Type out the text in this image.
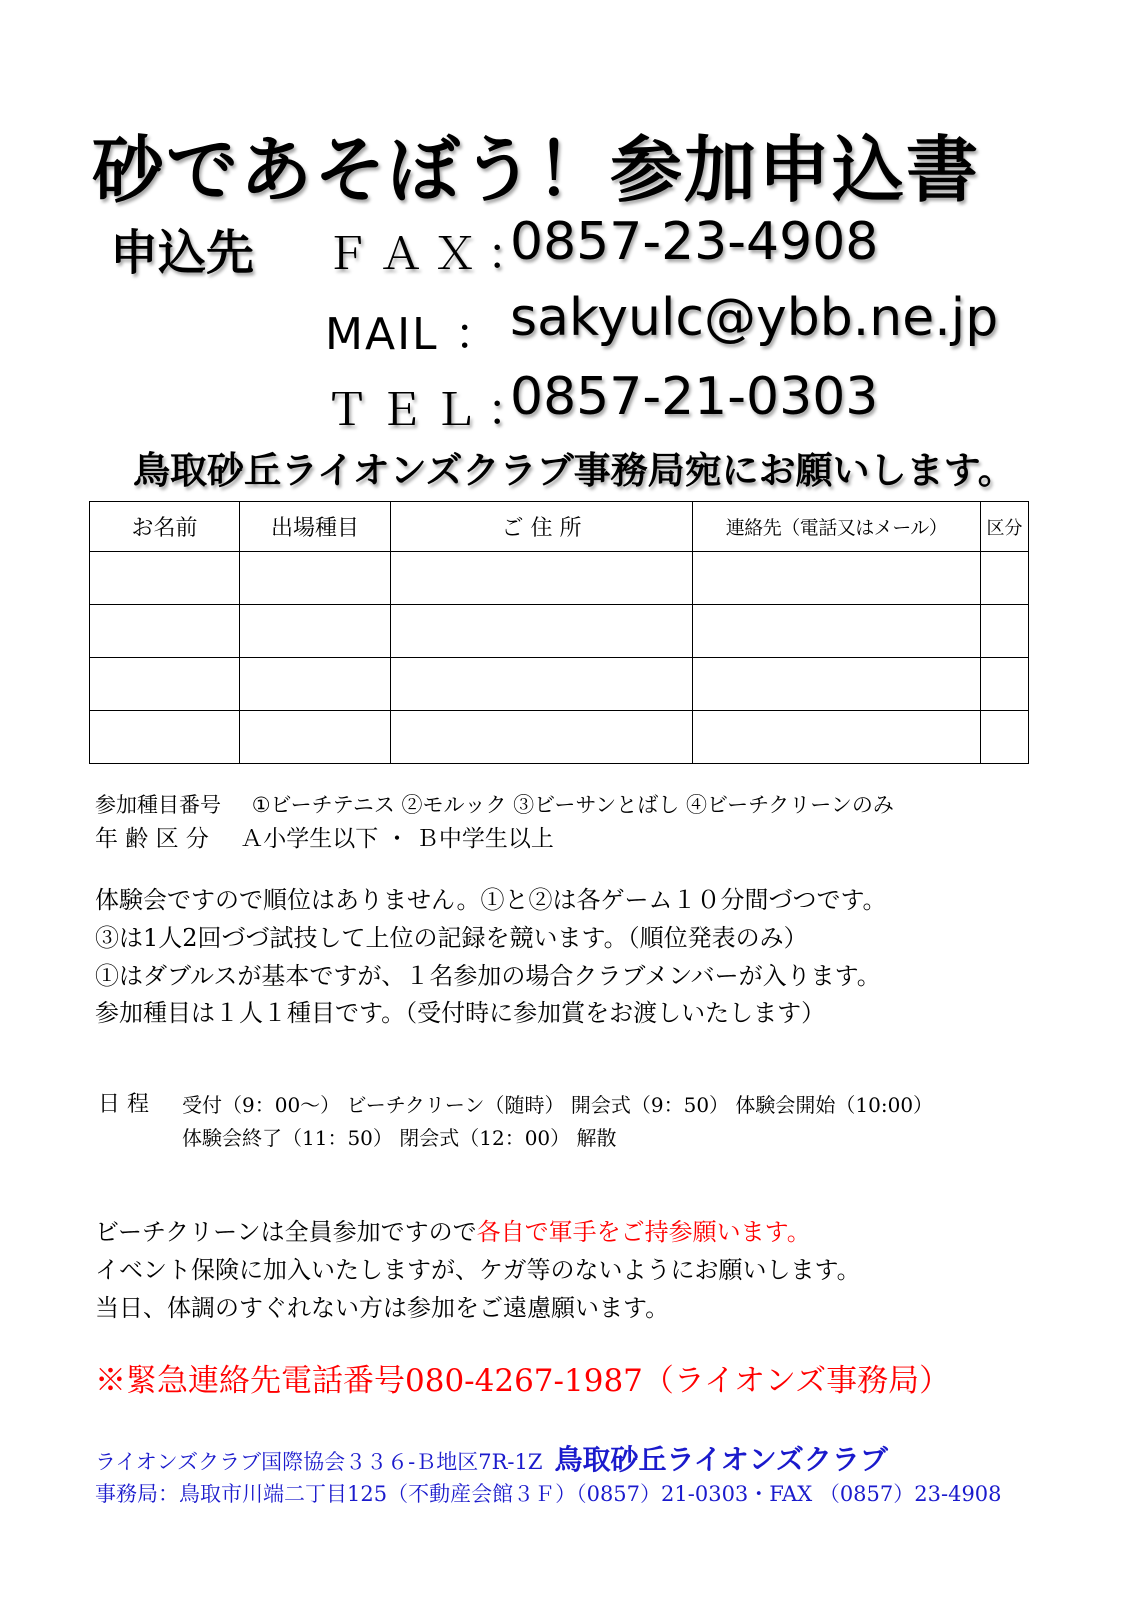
砂であそぼう！参加申込書
申込先 ＦＡＸ：
0857-23-4908
MAIL ： sakyulc@ybb.ne.jp
ＴＥＬ：
0857-21-0303
鳥取砂丘ライオンズクラブ事務局宛にお願いします。
お名前	出場種目	ご 住 所	連絡先（電話又はメール）	区分

参加種目番号 ①ビーチテニス ②モルック ③ビーサンとばし ④ビーチクリーンのみ
年 齢 区 分 Ａ小学生以下 ・ Ｂ中学生以上
体験会ですので順位はありません。①と②は各ゲーム１０分間づつです。
③は1人2回づづ試技して上位の記録を競います。（順位発表のみ）
①はダブルスが基本ですが、１名参加の場合クラブメンバーが入ります。
参加種目は１人１種目です。（受付時に参加賞をお渡しいたします）
日 程 受付（9：00～） ビーチクリーン（随時） 開会式（9：50） 体験会開始（10:00）
体験会終了（11：50） 閉会式（12：00） 解散
ビーチクリーンは全員参加ですので各自で軍手をご持参願います。
イベント保険に加入いたしますが、ケガ等のないようにお願いします。
当日、体調のすぐれない方は参加をご遠慮願います。
※緊急連絡先電話番号080-4267-1987（ライオンズ事務局）
ライオンズクラブ国際協会３３６-Ｂ地区7R-1Z 鳥取砂丘ライオンズクラブ
事務局：鳥取市川端二丁目125（不動産会館３Ｆ）（0857）21-0303・FAX （0857）23-4908
